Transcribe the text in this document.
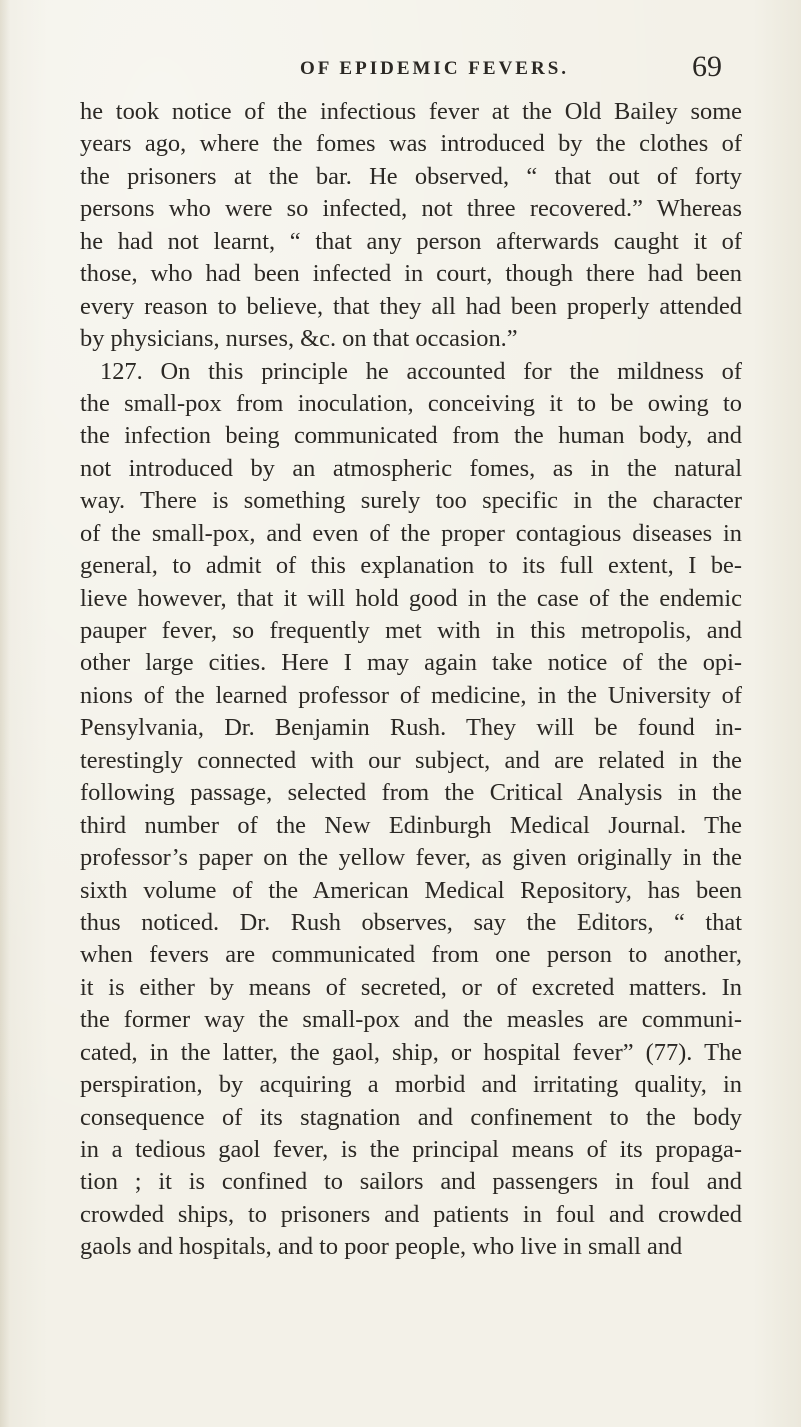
OF EPIDEMIC FEVERS.	69
he took notice of the infectious fever at the Old Bailey some
years ago, where the fomes was introduced by the clothes of
the prisoners at the bar. He observed, “ that out of forty
persons who were so infected, not three recovered.” Whereas
he had not learnt, “ that any person afterwards caught it of
those, who had been infected in court, though there had been
every reason to believe, that they all had been properly attended
by physicians, nurses, &c. on that occasion.”
127. On this principle he accounted for the mildness of
the small-pox from inoculation, conceiving it to be owing to
the infection being communicated from the human body, and
not introduced by an atmospheric fomes, as in the natural
way. There is something surely too specific in the character
of the small-pox, and even of the proper contagious diseases in
general, to admit of this explanation to its full extent, I be-
lieve however, that it will hold good in the case of the endemic
pauper fever, so frequently met with in this metropolis, and
other large cities. Here I may again take notice of the opi-
nions of the learned professor of medicine, in the University of
Pensylvania, Dr. Benjamin Rush. They will be found in-
terestingly connected with our subject, and are related in the
following passage, selected from the Critical Analysis in the
third number of the New Edinburgh Medical Journal. The
professor’s paper on the yellow fever, as given originally in the
sixth volume of the American Medical Repository, has been
thus noticed. Dr. Rush observes, say the Editors, “ that
when fevers are communicated from one person to another,
it is either by means of secreted, or of excreted matters. In
the former way the small-pox and the measles are communi-
cated, in the latter, the gaol, ship, or hospital fever” (77). The
perspiration, by acquiring a morbid and irritating quality, in
consequence of its stagnation and confinement to the body
in a tedious gaol fever, is the principal means of its propaga-
tion ; it is confined to sailors and passengers in foul and
crowded ships, to prisoners and patients in foul and crowded
gaols and hospitals, and to poor people, who live in small and
